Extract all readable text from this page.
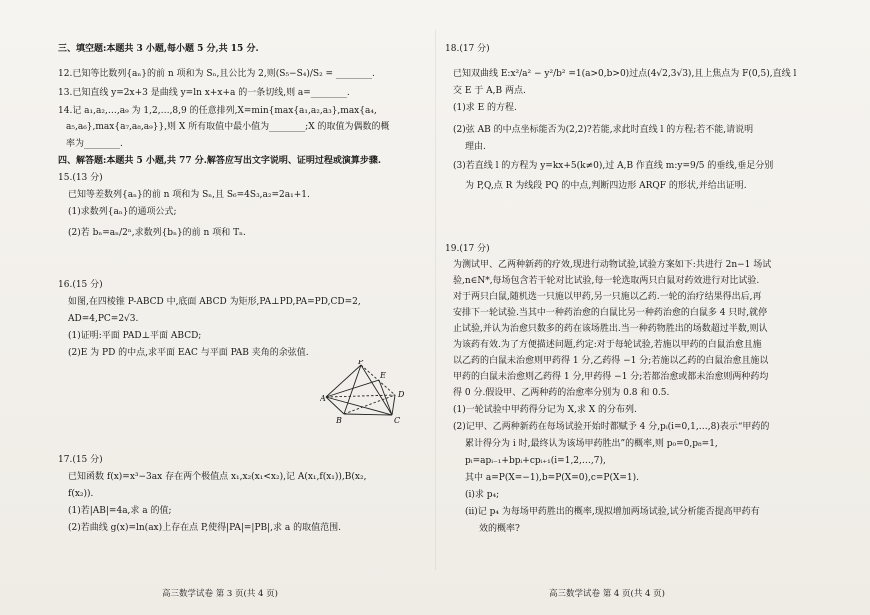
三、填空题:本题共 3 小题,每小题 5 分,共 15 分.
12.已知等比数列{aₙ}的前 n 项和为 Sₙ,且公比为 2,则(S₅−S₄)/S₂ = ________.
13.已知直线 y=2x+3 是曲线 y=ln x+x+a 的一条切线,则 a=________.
14.记 a₁,a₂,…,a₉ 为 1,2,…,8,9 的任意排列,X=min{max{a₁,a₂,a₃},max{a₄,
a₅,a₆},max{a₇,a₈,a₉}},则 X 所有取值中最小值为________;X 的取值为偶数的概
率为________.
四、解答题:本题共 5 小题,共 77 分.解答应写出文字说明、证明过程或演算步骤.
15.(13 分)
已知等差数列{aₙ}的前 n 项和为 Sₙ,且 S₆=4S₃,a₂=2a₁+1.
(1)求数列{aₙ}的通项公式;
(2)若 bₙ=aₙ/2ⁿ,求数列{bₙ}的前 n 项和 Tₙ.
16.(15 分)
如图,在四棱锥 P-ABCD 中,底面 ABCD 为矩形,PA⊥PD,PA=PD,CD=2,
AD=4,PC=2√3.
(1)证明:平面 PAD⊥平面 ABCD;
(2)E 为 PD 的中点,求平面 EAC 与平面 PAB 夹角的余弦值.
P
E
A
B	C
D
17.(15 分)
已知函数 f(x)=x³−3ax 存在两个极值点 x₁,x₂(x₁<x₂),记 A(x₁,f(x₁)),B(x₂,
f(x₂)).
(1)若|AB|=4a,求 a 的值;
(2)若曲线 g(x)=ln(ax)上存在点 P,使得|PA|=|PB|,求 a 的取值范围.
高三数学试卷 第 3 页(共 4 页)
18.(17 分)
已知双曲线 E:x²/a² − y²/b² =1(a>0,b>0)过点(4√2,3√3),且上焦点为 F(0,5),直线 l
交 E 于 A,B 两点.
(1)求 E 的方程.
(2)弦 AB 的中点坐标能否为(2,2)?若能,求此时直线 l 的方程;若不能,请说明
理由.
(3)若直线 l 的方程为 y=kx+5(k≠0),过 A,B 作直线 m:y=9/5 的垂线,垂足分别
为 P,Q,点 R 为线段 PQ 的中点,判断四边形 ARQF 的形状,并给出证明.
19.(17 分)
为测试甲、乙两种新药的疗效,现进行动物试验,试验方案如下:共进行 2n−1 场试
验,n∈N*,每场包含若干轮对比试验,每一轮选取两只白鼠对药效进行对比试验.
对于两只白鼠,随机选一只施以甲药,另一只施以乙药.一轮的治疗结果得出后,再
安排下一轮试验.当其中一种药治愈的白鼠比另一种药治愈的白鼠多 4 只时,就停
止试验,并认为治愈只数多的药在该场胜出.当一种药物胜出的场数超过半数,则认
为该药有效.为了方便描述问题,约定:对于每轮试验,若施以甲药的白鼠治愈且施
以乙药的白鼠未治愈则甲药得 1 分,乙药得 −1 分;若施以乙药的白鼠治愈且施以
甲药的白鼠未治愈则乙药得 1 分,甲药得 −1 分;若都治愈或都未治愈则两种药均
得 0 分.假设甲、乙两种药的治愈率分别为 0.8 和 0.5.
(1)一轮试验中甲药得分记为 X,求 X 的分布列.
(2)记甲、乙两种新药在每场试验开始时都赋予 4 分,pᵢ(i=0,1,…,8)表示“甲药的
累计得分为 i 时,最终认为该场甲药胜出”的概率,则 p₀=0,p₈=1,
pᵢ=apᵢ₋₁+bpᵢ+cpᵢ₊₁(i=1,2,…,7),
其中 a=P(X=−1),b=P(X=0),c=P(X=1).
(ⅰ)求 p₄;
(ⅱ)记 p₄ 为每场甲药胜出的概率,现拟增加两场试验,试分析能否提高甲药有
效的概率?
高三数学试卷 第 4 页(共 4 页)
